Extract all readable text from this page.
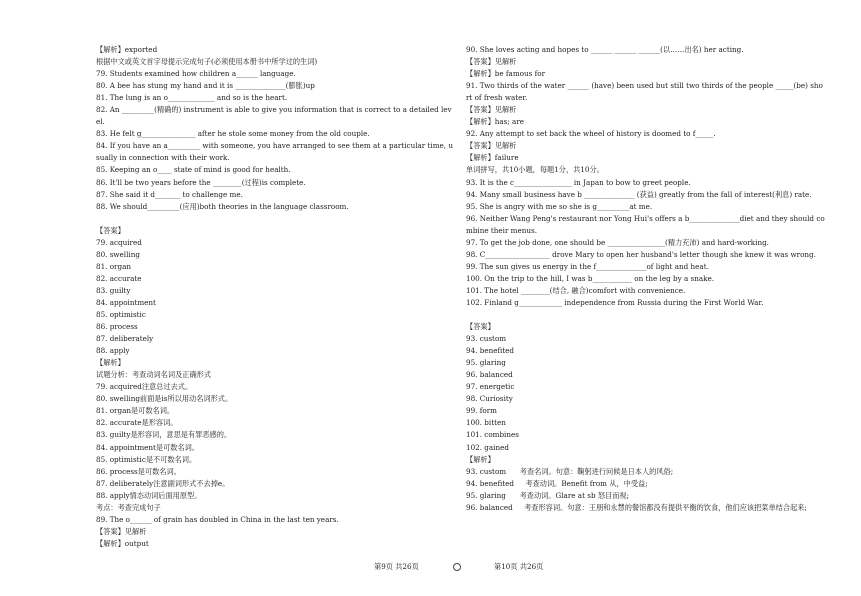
【解析】exported
根据中文或英文首字母提示完成句子(必须使用本册书中所学过的生词)
79. Students examined how children a______ language.
80. A bee has stung my hand and it is ______________(膨胀)up
81. The lung is an o_____________ and so is the heart.
82. An _________(精确的) instrument is able to give you information that is correct to a detailed level.
83. He felt g_______________ after he stole some money from the old couple.
84. If you have an a_________ with someone, you have arranged to see them at a particular time, usually in connection with their work.
85. Keeping an o____ state of mind is good for health.
86. It'll be two years before the ________(过程)is complete.
87. She said it d_______ to challenge me.
88. We should_________(应用)both theories in the language classroom.
【答案】
79. acquired
80. swelling
81. organ
82. accurate
83. guilty
84. appointment
85. optimistic
86. process
87. deliberately
88. apply
【解析】
试题分析：考查动词名词及正确形式
79. acquired注意总过去式。
80. swelling前面是is所以用动名词形式。
81. organ是可数名词。
82. accurate是形容词。
83. guilty是形容词，意思是有罪恶感的。
84. appointment是可数名词。
85. optimistic是不可数名词。
86. process是可数名词。
87. deliberately注意副词形式不去掉e。
88. apply情态动词后面用原型。
考点：考查完成句子
89. The o______ of grain has doubled in China in the last ten years.
【答案】见解析
【解析】output
90. She loves acting and hopes to ______ ______ ______(以……出名) her acting.
【答案】见解析
【解析】be famous for
91. Two thirds of the water ______ (have) been used but still two thirds of the people _____(be) short of fresh water.
【答案】见解析
【解析】has; are
92. Any attempt to set back the wheel of history is doomed to f_____.
【答案】见解析
【解析】failure
单词拼写，共10小题，每题1分，共10分。
93. It is the c________________ in Japan to bow to greet people.
94. Many small business have b ______________ (获益) greatly from the fall of interest(利息) rate.
95. She is angry with me so she is g_________at me.
96. Neither Wang Peng's restaurant nor Yong Hui's offers a b______________diet and they should combine their menus.
97. To get the job done, one should be ________________(精力充沛) and hard-working.
98. C__________________ drove Mary to open her husband's letter though she knew it was wrong.
99. The sun gives us energy in the f______________of light and heat.
100. On the trip to the hill, I was b___________ on the leg by a snake.
101. The hotel ________(结合, 融合)comfort with convenience.
102. Finland g____________ independence from Russia during the First World War.
【答案】
93. custom
94. benefited
95. glaring
96. balanced
97. energetic
98. Curiosity
99. form
100. bitten
101. combines
102. gained
【解析】
93. custom      考查名词。句意：鞠躬进行问候是日本人的风俗;
94. benefited     考查动词。Benefit from 从，中受益;
95. glaring      考查动词。Glare at sb 怒目而视;
96. balanced     考查形容词。句意：王朋和永慧的餐馆都没有提供平衡的饮食，他们应该把菜单结合起来;
第9页 共26页	第10页 共26页
